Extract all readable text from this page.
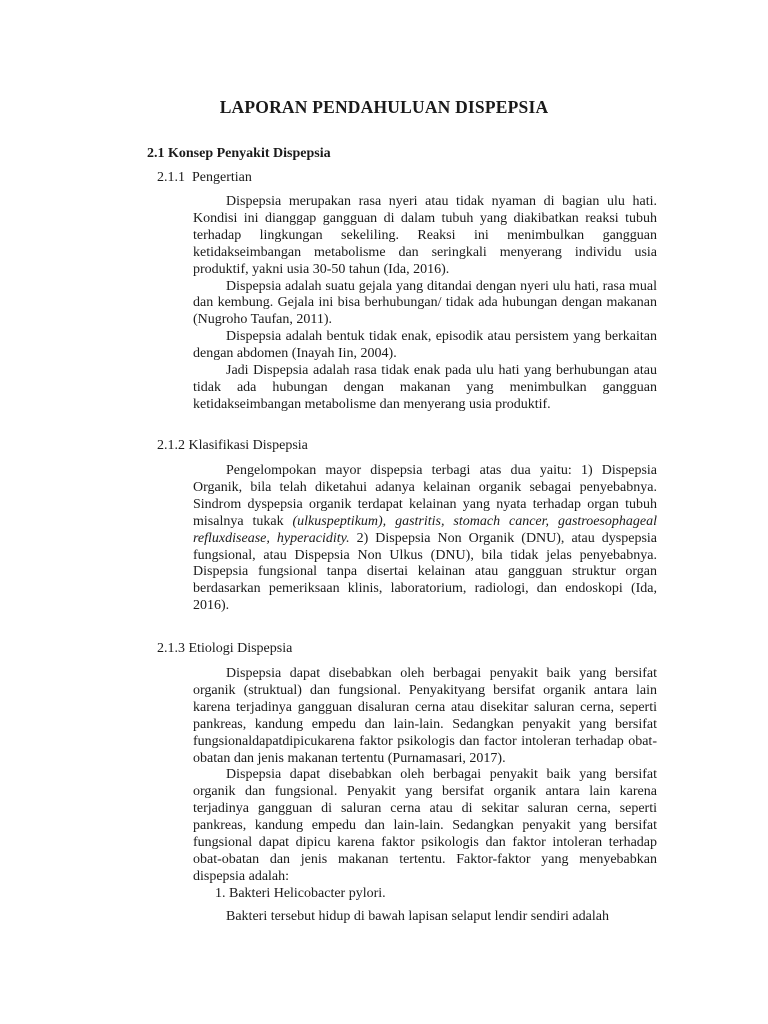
LAPORAN PENDAHULUAN DISPEPSIA
2.1 Konsep Penyakit Dispepsia
2.1.1  Pengertian

Dispepsia merupakan rasa nyeri atau tidak nyaman di bagian ulu hati. Kondisi ini dianggap gangguan di dalam tubuh yang diakibatkan reaksi tubuh terhadap lingkungan sekeliling. Reaksi ini menimbulkan gangguan ketidakseimbangan metabolisme dan seringkali menyerang individu usia produktif, yakni usia 30-50 tahun (Ida, 2016).

Dispepsia adalah suatu gejala yang ditandai dengan nyeri ulu hati, rasa mual dan kembung. Gejala ini bisa berhubungan/ tidak ada hubungan dengan makanan (Nugroho Taufan, 2011).

Dispepsia adalah bentuk tidak enak, episodik atau persistem yang berkaitan dengan abdomen (Inayah Iin, 2004).

Jadi Dispepsia adalah rasa tidak enak pada ulu hati yang berhubungan atau tidak ada hubungan dengan makanan yang menimbulkan gangguan ketidakseimbangan metabolisme dan menyerang usia produktif.

2.1.2 Klasifikasi Dispepsia

Pengelompokan mayor dispepsia terbagi atas dua yaitu: 1) Dispepsia Organik, bila telah diketahui adanya kelainan organik sebagai penyebabnya. Sindrom dyspepsia organik terdapat kelainan yang nyata terhadap organ tubuh misalnya tukak (ulkuspeptikum), gastritis, stomach cancer, gastroesophageal refluxdisease, hyperacidity. 2) Dispepsia Non Organik (DNU), atau dyspepsia fungsional, atau Dispepsia Non Ulkus (DNU), bila tidak jelas penyebabnya. Dispepsia fungsional tanpa disertai kelainan atau gangguan struktur organ berdasarkan pemeriksaan klinis, laboratorium, radiologi, dan endoskopi (Ida, 2016).

2.1.3 Etiologi Dispepsia

Dispepsia dapat disebabkan oleh berbagai penyakit baik yang bersifat organik (struktual) dan fungsional. Penyakityang bersifat organik antara lain karena terjadinya gangguan disaluran cerna atau disekitar saluran cerna, seperti pankreas, kandung empedu dan lain-lain. Sedangkan penyakit yang bersifat fungsionaldapatdipicukarena faktor psikologis dan factor intoleran terhadap obat-obatan dan jenis makanan tertentu (Purnamasari, 2017).

Dispepsia dapat disebabkan oleh berbagai penyakit baik yang bersifat organik dan fungsional. Penyakit yang bersifat organik antara lain karena terjadinya gangguan di saluran cerna atau di sekitar saluran cerna, seperti pankreas, kandung empedu dan lain-lain. Sedangkan penyakit yang bersifat fungsional dapat dipicu karena faktor psikologis dan faktor intoleran terhadap obat-obatan dan jenis makanan tertentu. Faktor-faktor yang menyebabkan dispepsia adalah:

1. Bakteri Helicobacter pylori.

Bakteri tersebut hidup di bawah lapisan selaput lendir sendiri adalah
